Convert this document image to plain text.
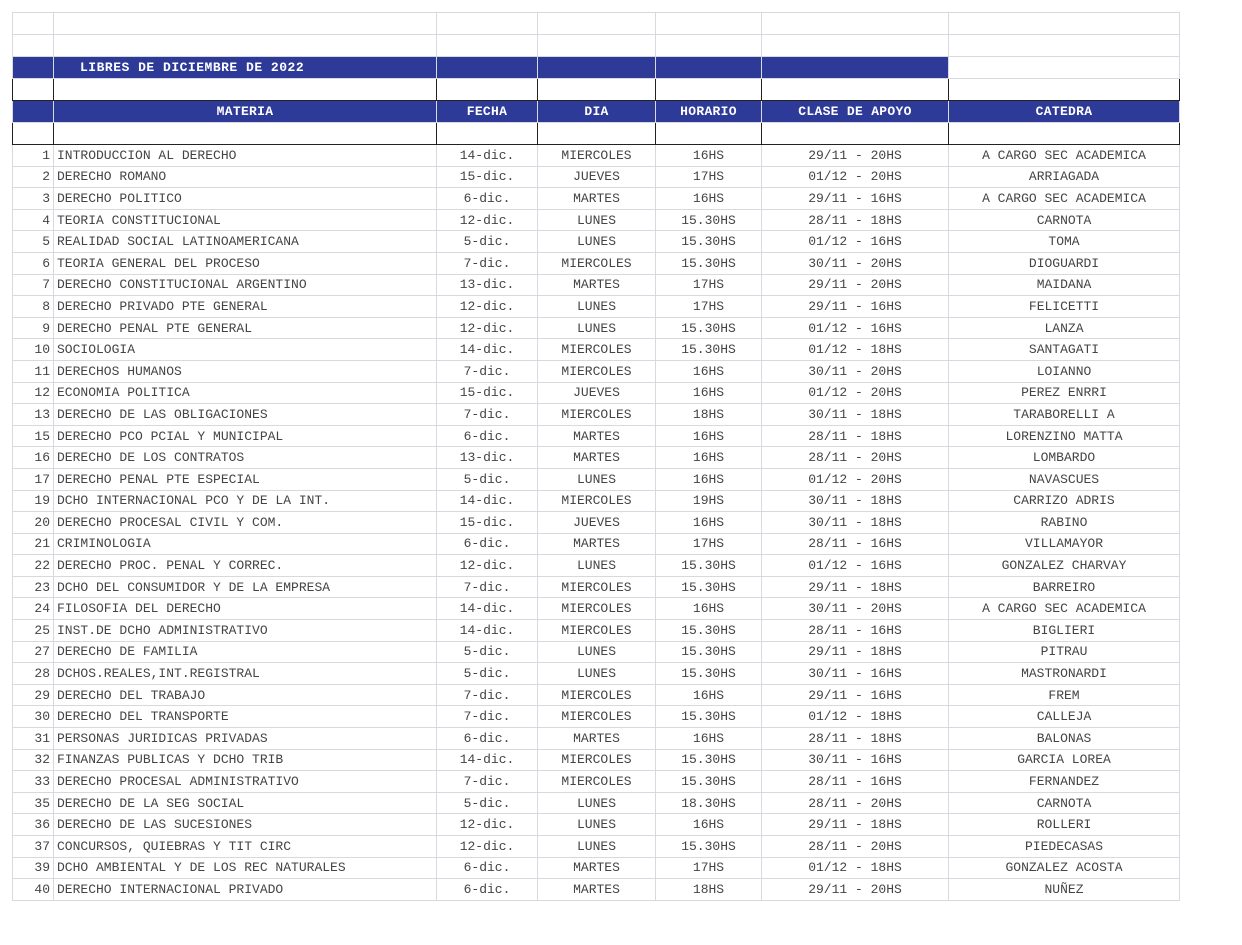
	LIBRES DE DICIEMBRE DE 2022					

	MATERIA	FECHA	DIA	HORARIO	CLASE DE APOYO	CATEDRA

1	INTRODUCCION AL DERECHO	14-dic.	MIERCOLES	16HS	29/11 - 20HS	A CARGO SEC ACADEMICA
2	DERECHO ROMANO	15-dic.	JUEVES	17HS	01/12 - 20HS	ARRIAGADA
3	DERECHO POLITICO	6-dic.	MARTES	16HS	29/11 - 16HS	A CARGO SEC ACADEMICA
4	TEORIA CONSTITUCIONAL	12-dic.	LUNES	15.30HS	28/11 - 18HS	CARNOTA
5	REALIDAD SOCIAL LATINOAMERICANA	5-dic.	LUNES	15.30HS	01/12 - 16HS	TOMA
6	TEORIA GENERAL DEL PROCESO	7-dic.	MIERCOLES	15.30HS	30/11 - 20HS	DIOGUARDI
7	DERECHO CONSTITUCIONAL ARGENTINO	13-dic.	MARTES	17HS	29/11 - 20HS	MAIDANA
8	DERECHO PRIVADO PTE GENERAL	12-dic.	LUNES	17HS	29/11 - 16HS	FELICETTI
9	DERECHO PENAL PTE GENERAL	12-dic.	LUNES	15.30HS	01/12 - 16HS	LANZA
10	SOCIOLOGIA	14-dic.	MIERCOLES	15.30HS	01/12 - 18HS	SANTAGATI
11	DERECHOS HUMANOS	7-dic.	MIERCOLES	16HS	30/11 - 20HS	LOIANNO
12	ECONOMIA POLITICA	15-dic.	JUEVES	16HS	01/12 - 20HS	PEREZ ENRRI
13	DERECHO DE LAS OBLIGACIONES	7-dic.	MIERCOLES	18HS	30/11 - 18HS	TARABORELLI A
15	DERECHO PCO PCIAL Y MUNICIPAL	6-dic.	MARTES	16HS	28/11 - 18HS	LORENZINO MATTA
16	DERECHO DE LOS CONTRATOS	13-dic.	MARTES	16HS	28/11 - 20HS	LOMBARDO
17	DERECHO PENAL PTE ESPECIAL	5-dic.	LUNES	16HS	01/12 - 20HS	NAVASCUES
19	DCHO INTERNACIONAL PCO Y DE LA INT.	14-dic.	MIERCOLES	19HS	30/11 - 18HS	CARRIZO ADRIS
20	DERECHO PROCESAL CIVIL Y COM.	15-dic.	JUEVES	16HS	30/11 - 18HS	RABINO
21	CRIMINOLOGIA	6-dic.	MARTES	17HS	28/11 - 16HS	VILLAMAYOR
22	DERECHO PROC. PENAL Y CORREC.	12-dic.	LUNES	15.30HS	01/12 - 16HS	GONZALEZ CHARVAY
23	DCHO DEL CONSUMIDOR Y DE LA EMPRESA	7-dic.	MIERCOLES	15.30HS	29/11 - 18HS	BARREIRO
24	FILOSOFIA DEL DERECHO	14-dic.	MIERCOLES	16HS	30/11 - 20HS	A CARGO SEC ACADEMICA
25	INST.DE DCHO ADMINISTRATIVO	14-dic.	MIERCOLES	15.30HS	28/11 - 16HS	BIGLIERI
27	DERECHO DE FAMILIA	5-dic.	LUNES	15.30HS	29/11 - 18HS	PITRAU
28	DCHOS.REALES,INT.REGISTRAL	5-dic.	LUNES	15.30HS	30/11 - 16HS	MASTRONARDI
29	DERECHO DEL TRABAJO	7-dic.	MIERCOLES	16HS	29/11 - 16HS	FREM
30	DERECHO DEL TRANSPORTE	7-dic.	MIERCOLES	15.30HS	01/12 - 18HS	CALLEJA
31	PERSONAS JURIDICAS PRIVADAS	6-dic.	MARTES	16HS	28/11 - 18HS	BALONAS
32	FINANZAS PUBLICAS Y DCHO TRIB	14-dic.	MIERCOLES	15.30HS	30/11 - 16HS	GARCIA LOREA
33	DERECHO PROCESAL ADMINISTRATIVO	7-dic.	MIERCOLES	15.30HS	28/11 - 16HS	FERNANDEZ
35	DERECHO DE LA SEG SOCIAL	5-dic.	LUNES	18.30HS	28/11 - 20HS	CARNOTA
36	DERECHO DE LAS SUCESIONES	12-dic.	LUNES	16HS	29/11 - 18HS	ROLLERI
37	CONCURSOS, QUIEBRAS Y TIT CIRC	12-dic.	LUNES	15.30HS	28/11 - 20HS	PIEDECASAS
39	DCHO AMBIENTAL Y DE LOS REC NATURALES	6-dic.	MARTES	17HS	01/12 - 18HS	GONZALEZ ACOSTA
40	DERECHO INTERNACIONAL PRIVADO	6-dic.	MARTES	18HS	29/11 - 20HS	NUÑEZ
